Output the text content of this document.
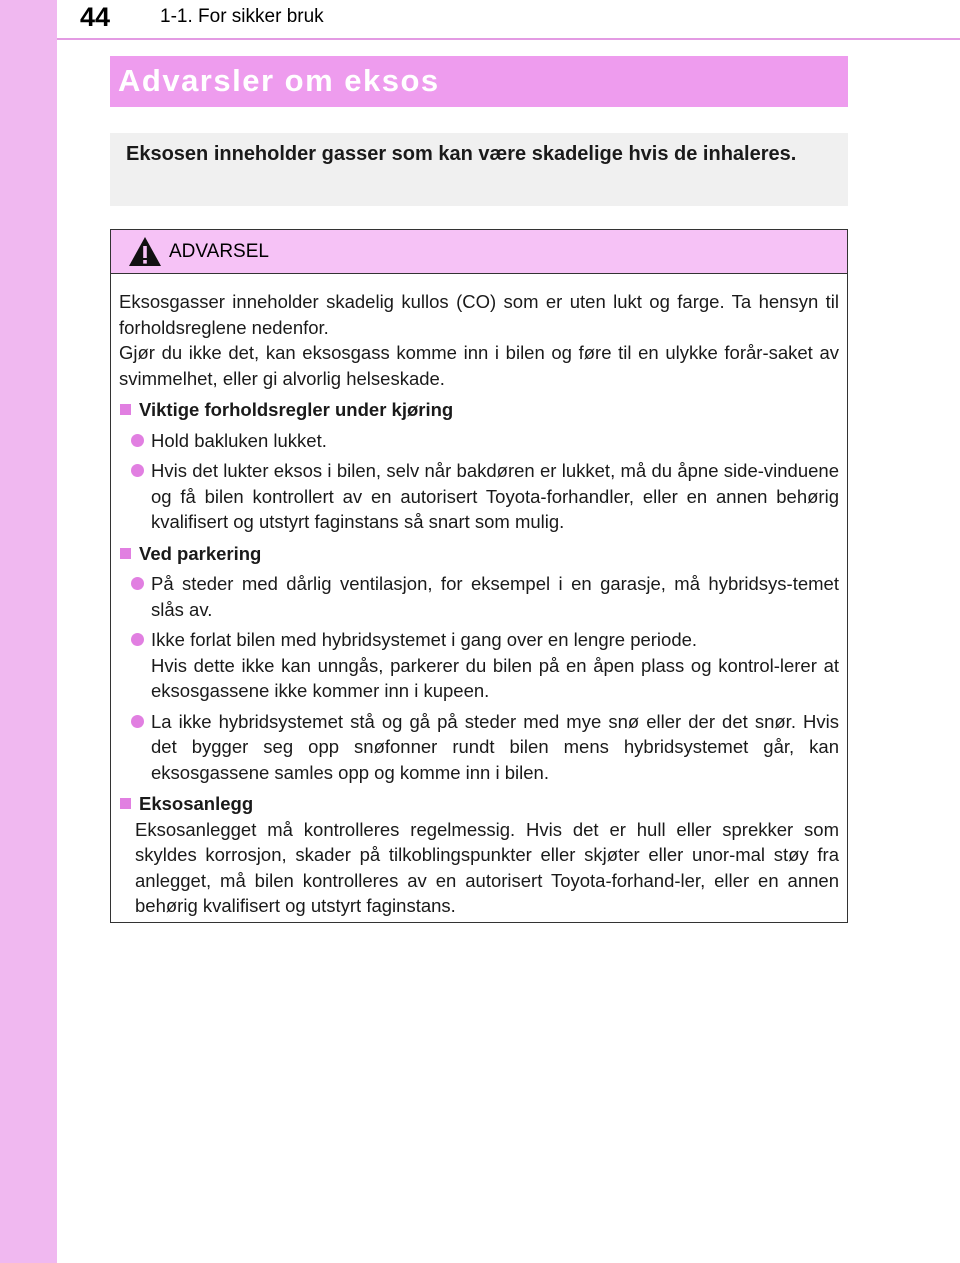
44	1-1. For sikker bruk
Advarsler om eksos
Eksosen inneholder gasser som kan være skadelige hvis de inhaleres.
ADVARSEL

Eksosgasser inneholder skadelig kullos (CO) som er uten lukt og farge. Ta hensyn til forholdsreglene nedenfor.

Gjør du ikke det, kan eksosgass komme inn i bilen og føre til en ulykke forår-saket av svimmelhet, eller gi alvorlig helseskade.

Viktige forholdsregler under kjøring
Hold bakluken lukket.
Hvis det lukter eksos i bilen, selv når bakdøren er lukket, må du åpne side-vinduene og få bilen kontrollert av en autorisert Toyota-forhandler, eller en annen behørig kvalifisert og utstyrt faginstans så snart som mulig.
Ved parkering
På steder med dårlig ventilasjon, for eksempel i en garasje, må hybridsys-temet slås av.
Ikke forlat bilen med hybridsystemet i gang over en lengre periode.
Hvis dette ikke kan unngås, parkerer du bilen på en åpen plass og kontrol-lerer at eksosgassene ikke kommer inn i kupeen.
La ikke hybridsystemet stå og gå på steder med mye snø eller der det snør. Hvis det bygger seg opp snøfonner rundt bilen mens hybridsystemet går, kan eksosgassene samles opp og komme inn i bilen.
Eksosanlegg

Eksosanlegget må kontrolleres regelmessig. Hvis det er hull eller sprekker som skyldes korrosjon, skader på tilkoblingspunkter eller skjøter eller unor-mal støy fra anlegget, må bilen kontrolleres av en autorisert Toyota-forhand-ler, eller en annen behørig kvalifisert og utstyrt faginstans.
